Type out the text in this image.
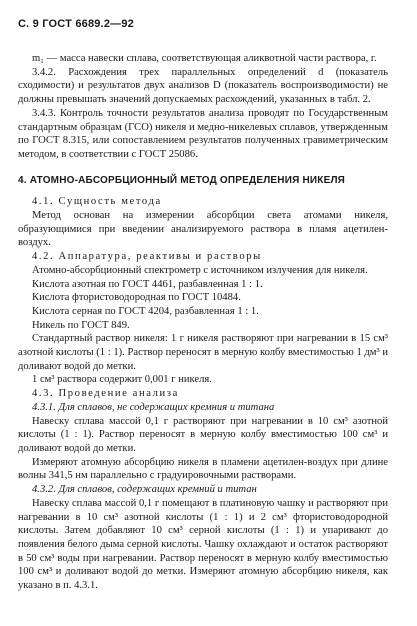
С. 9 ГОСТ 6689.2—92

m₁ — масса навески сплава, соответствующая аликвотной части раствора, г.

3.4.2. Расхождения трех параллельных определений d (показатель сходимости) и результатов двух анализов D (показатель воспроизводимости) не должны превышать значений допускаемых расхождений, указанных в табл. 2.

3.4.3. Контроль точности результатов анализа проводят по Государственным стандартным образцам (ГСО) никеля и медно-никелевых сплавов, утвержденным по ГОСТ 8.315, или сопоставлением результатов полученных гравиметрическим методом, в соответствии с ГОСТ 25086.

4. АТОМНО-АБСОРБЦИОННЫЙ МЕТОД ОПРЕДЕЛЕНИЯ НИКЕЛЯ

4.1. Сущность метода

Метод основан на измерении абсорбции света атомами никеля, образующимися при введении анализируемого раствора в пламя ацетилен-воздух.

4.2. Аппаратура, реактивы и растворы

Атомно-абсорбционный спектрометр с источником излучения для никеля.

Кислота азотная по ГОСТ 4461, разбавленная 1 : 1.

Кислота фтористоводородная по ГОСТ 10484.

Кислота серная по ГОСТ 4204, разбавленная 1 : 1.

Никель по ГОСТ 849.

Стандартный раствор никеля: 1 г никеля растворяют при нагревании в 15 см³ азотной кислоты (1 : 1). Раствор переносят в мерную колбу вместимостью 1 дм³ и доливают водой до метки.

1 см³ раствора содержит 0,001 г никеля.

4.3. Проведение анализа

4.3.1. Для сплавов, не содержащих кремния и титана

Навеску сплава массой 0,1 г растворяют при нагревании в 10 см³ азотной кислоты (1 : 1). Раствор переносят в мерную колбу вместимостью 100 см³ и доливают водой до метки.

Измеряют атомную абсорбцию никеля в пламени ацетилен-воздух при длине волны 341,5 нм параллельно с градуировочными растворами.

4.3.2. Для сплавов, содержащих кремний и титан

Навеску сплава массой 0,1 г помещают в платиновую чашку и растворяют при нагревании в 10 см³ азотной кислоты (1 : 1) и 2 см³ фтористоводородной кислоты. Затем добавляют 10 см³ серной кислоты (1 : 1) и упаривают до появления белого дыма серной кислоты. Чашку охлаждают и остаток растворяют в 50 см³ воды при нагревании. Раствор переносят в мерную колбу вместимостью 100 см³ и доливают водой до метки. Измеряют атомную абсорбцию никеля, как указано в п. 4.3.1.
